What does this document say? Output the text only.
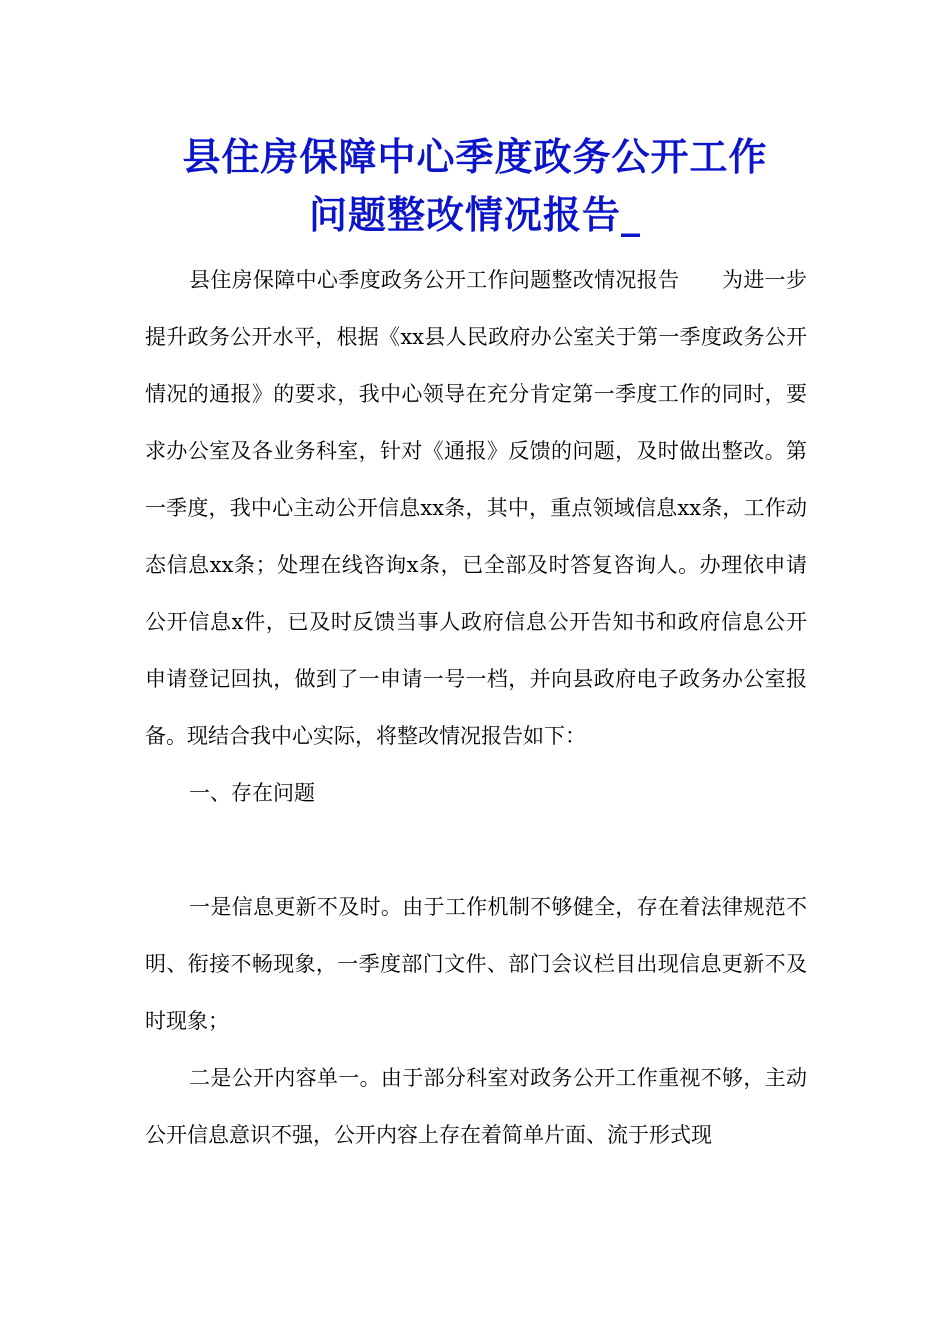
县住房保障中心季度政务公开工作
问题整改情况报告_

县住房保障中心季度政务公开工作问题整改情况报告　　为进一步提升政务公开水平，根据《xx县人民政府办公室关于第一季度政务公开情况的通报》的要求，我中心领导在充分肯定第一季度工作的同时，要求办公室及各业务科室，针对《通报》反馈的问题，及时做出整改。第一季度，我中心主动公开信息xx条，其中，重点领域信息xx条，工作动态信息xx条；处理在线咨询x条，已全部及时答复咨询人。办理依申请公开信息x件，已及时反馈当事人政府信息公开告知书和政府信息公开申请登记回执，做到了一申请一号一档，并向县政府电子政务办公室报备。现结合我中心实际，将整改情况报告如下：

一、存在问题

一是信息更新不及时。由于工作机制不够健全，存在着法律规范不明、衔接不畅现象，一季度部门文件、部门会议栏目出现信息更新不及时现象；

二是公开内容单一。由于部分科室对政务公开工作重视不够，主动公开信息意识不强，公开内容上存在着简单片面、流于形式现
